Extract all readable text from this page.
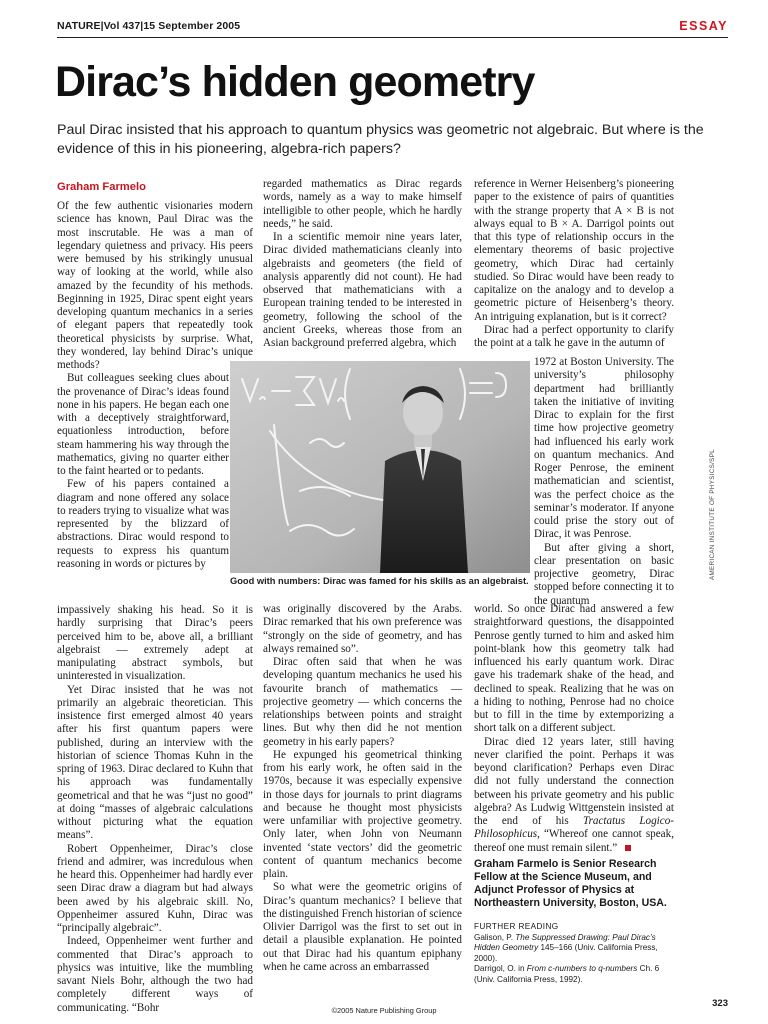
NATURE|Vol 437|15 September 2005	ESSAY
Dirac’s hidden geometry
Paul Dirac insisted that his approach to quantum physics was geometric not algebraic. But where is the evidence of this in his pioneering, algebra-rich papers?
Graham Farmelo

Of the few authentic visionaries modern science has known, Paul Dirac was the most inscrutable. He was a man of legendary quietness and privacy. His peers were bemused by his strikingly unusual way of looking at the world, while also amazed by the fecundity of his methods. Beginning in 1925, Dirac spent eight years developing quantum mechanics in a series of elegant papers that repeatedly took theoretical physicists by surprise. What, they wondered, lay behind Dirac’s unique methods?

But colleagues seeking clues about the provenance of Dirac’s ideas found none in his papers. He began each one with a deceptively straightforward, equationless introduction, before steam hammering his way through the mathematics, giving no quarter either to the faint hearted or to pedants.

Few of his papers contained a diagram and none offered any solace to readers trying to visualize what was represented by the blizzard of abstractions. Dirac would respond to requests to express his quantum reasoning in words or pictures by

impassively shaking his head. So it is hardly surprising that Dirac’s peers perceived him to be, above all, a brilliant algebraist — extremely adept at manipulating abstract symbols, but uninterested in visualization.

Yet Dirac insisted that he was not primarily an algebraic theoretician. This insistence first emerged almost 40 years after his first quantum papers were published, during an interview with the historian of science Thomas Kuhn in the spring of 1963. Dirac declared to Kuhn that his approach was fundamentally geometrical and that he was “just no good” at doing “masses of algebraic calculations without picturing what the equation means”.

Robert Oppenheimer, Dirac’s close friend and admirer, was incredulous when he heard this. Oppenheimer had hardly ever seen Dirac draw a diagram but had always been awed by his algebraic skill. No, Oppenheimer assured Kuhn, Dirac was “principally algebraic”.

Indeed, Oppenheimer went further and commented that Dirac’s approach to physics was intuitive, like the mumbling savant Niels Bohr, although the two had completely different ways of communicating. “Bohr

regarded mathematics as Dirac regards words, namely as a way to make himself intelligible to other people, which he hardly needs,” he said.

In a scientific memoir nine years later, Dirac divided mathematicians cleanly into algebraists and geometers (the field of analysis apparently did not count). He had observed that mathematicians with a European training tended to be interested in geometry, following the school of the ancient Greeks, whereas those from an Asian background preferred algebra, which

was originally discovered by the Arabs. Dirac remarked that his own preference was “strongly on the side of geometry, and has always remained so”.

Dirac often said that when he was developing quantum mechanics he used his favourite branch of mathematics — projective geometry — which concerns the relationships between points and straight lines. But why then did he not mention geometry in his early papers?

He expunged his geometrical thinking from his early work, he often said in the 1970s, because it was especially expensive in those days for journals to print diagrams and because he thought most physicists were unfamiliar with projective geometry. Only later, when John von Neumann invented ‘state vectors’ did the geometric content of quantum mechanics become plain.

So what were the geometric origins of Dirac’s quantum mechanics? I believe that the distinguished French historian of science Olivier Darrigol was the first to set out in detail a plausible explanation. He pointed out that Dirac had his quantum epiphany when he came across an embarrassed

reference in Werner Heisenberg’s pioneering paper to the existence of pairs of quantities with the strange property that A × B is not always equal to B × A. Darrigol points out that this type of relationship occurs in the elementary theorems of basic projective geometry, which Dirac had certainly studied. So Dirac would have been ready to capitalize on the analogy and to develop a geometric picture of Heisenberg’s theory. An intriguing explanation, but is it correct?

Dirac had a perfect opportunity to clarify the point at a talk he gave in the autumn of

1972 at Boston University. The university’s philosophy department had brilliantly taken the initiative of inviting Dirac to explain for the first time how projective geometry had influenced his early work on quantum mechanics. And Roger Penrose, the eminent mathematician and scientist, was the perfect choice as the seminar’s moderator. If anyone could prise the story out of Dirac, it was Penrose.

But after giving a short, clear presentation on basic projective geometry, Dirac stopped before connecting it to the quantum

world. So once Dirac had answered a few straightforward questions, the disappointed Penrose gently turned to him and asked him point-blank how this geometry talk had influenced his early quantum work. Dirac gave his trademark shake of the head, and declined to speak. Realizing that he was on a hiding to nothing, Penrose had no choice but to fill in the time by extemporizing a short talk on a different subject.

Dirac died 12 years later, still having never clarified the point. Perhaps it was beyond clarification? Perhaps even Dirac did not fully understand the connection between his private geometry and his public algebra? As Ludwig Wittgenstein insisted at the end of his Tractatus Logico-Philosophicus, “Whereof one cannot speak, thereof one must remain silent.”

Graham Farmelo is Senior Research Fellow at the Science Museum, and Adjunct Professor of Physics at Northeastern University, Boston, USA.
FURTHER READING
Galison, P. The Suppressed Drawing: Paul Dirac’s Hidden Geometry 145–166 (Univ. California Press, 2000).
Darrigol, O. in From c-numbers to q-numbers Ch. 6 (Univ. California Press, 1992).
Good with numbers: Dirac was famed for his skills as an algebraist.
AMERICAN INSTITUTE OF PHYSICS/SPL
©2005 Nature Publishing Group
323
